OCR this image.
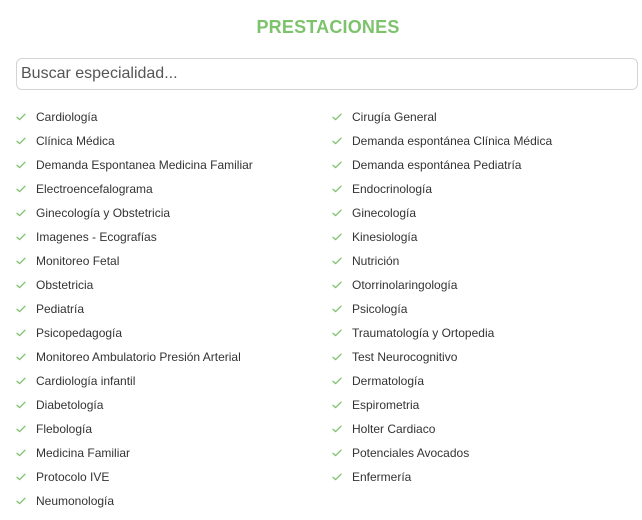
PRESTACIONES
Buscar especialidad...
Cardiología
Clínica Médica
Demanda Espontanea Medicina Familiar
Electroencefalograma
Ginecología y Obstetricia
Imagenes - Ecografías
Monitoreo Fetal
Obstetricia
Pediatría
Psicopedagogía
Monitoreo Ambulatorio Presión Arterial
Cardiología infantil
Diabetología
Flebología
Medicina Familiar
Protocolo IVE
Neumonología
Cirugía General
Demanda espontánea Clínica Médica
Demanda espontánea Pediatría
Endocrinología
Ginecología
Kinesiología
Nutrición
Otorrinolaringología
Psicología
Traumatología y Ortopedia
Test Neurocognitivo
Dermatología
Espirometria
Holter Cardiaco
Potenciales Avocados
Enfermería
